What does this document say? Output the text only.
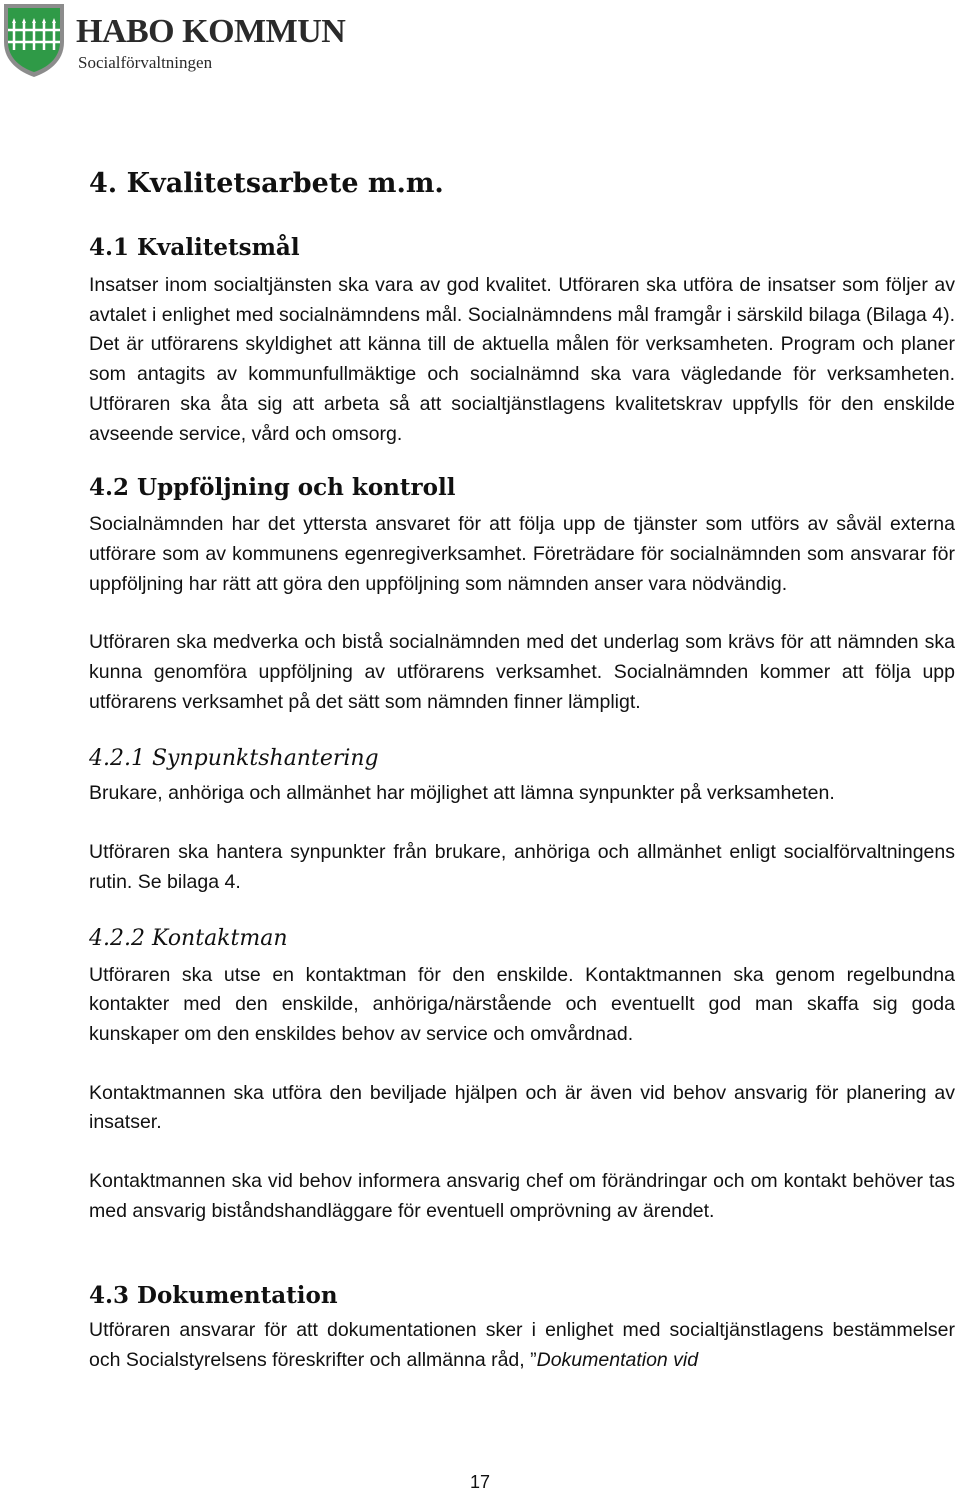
HABO KOMMUN
Socialförvaltningen
4. Kvalitetsarbete m.m.
4.1 Kvalitetsmål

Insatser inom socialtjänsten ska vara av god kvalitet. Utföraren ska utföra de insatser som följer av avtalet i enlighet med socialnämndens mål. Socialnämndens mål framgår i särskild bilaga (Bilaga 4). Det är utförarens skyldighet att känna till de aktuella målen för verksamheten. Program och planer som antagits av kommunfullmäktige och socialnämnd ska vara vägledande för verksamheten. Utföraren ska åta sig att arbeta så att socialtjänstlagens kvalitetskrav uppfylls för den enskilde avseende service, vård och omsorg.

4.2 Uppföljning och kontroll

Socialnämnden har det yttersta ansvaret för att följa upp de tjänster som utförs av såväl externa utförare som av kommunens egenregiverksamhet. Företrädare för socialnämnden som ansvarar för uppföljning har rätt att göra den uppföljning som nämnden anser vara nödvändig.

Utföraren ska medverka och bistå socialnämnden med det underlag som krävs för att nämnden ska kunna genomföra uppföljning av utförarens verksamhet. Socialnämnden kommer att följa upp utförarens verksamhet på det sätt som nämnden finner lämpligt.

4.2.1 Synpunktshantering

Brukare, anhöriga och allmänhet har möjlighet att lämna synpunkter på verksamheten.

Utföraren ska hantera synpunkter från brukare, anhöriga och allmänhet enligt socialförvaltningens rutin. Se bilaga 4.

4.2.2 Kontaktman

Utföraren ska utse en kontaktman för den enskilde. Kontaktmannen ska genom regelbundna kontakter med den enskilde, anhöriga/närstående och eventuellt god man skaffa sig goda kunskaper om den enskildes behov av service och omvårdnad.

Kontaktmannen ska utföra den beviljade hjälpen och är även vid behov ansvarig för planering av insatser.

Kontaktmannen ska vid behov informera ansvarig chef om förändringar och om kontakt behöver tas med ansvarig biståndshandläggare för eventuell omprövning av ärendet.

4.3 Dokumentation

Utföraren ansvarar för att dokumentationen sker i enlighet med socialtjänstlagens bestämmelser och Socialstyrelsens föreskrifter och allmänna råd, ”Dokumentation vid

17
